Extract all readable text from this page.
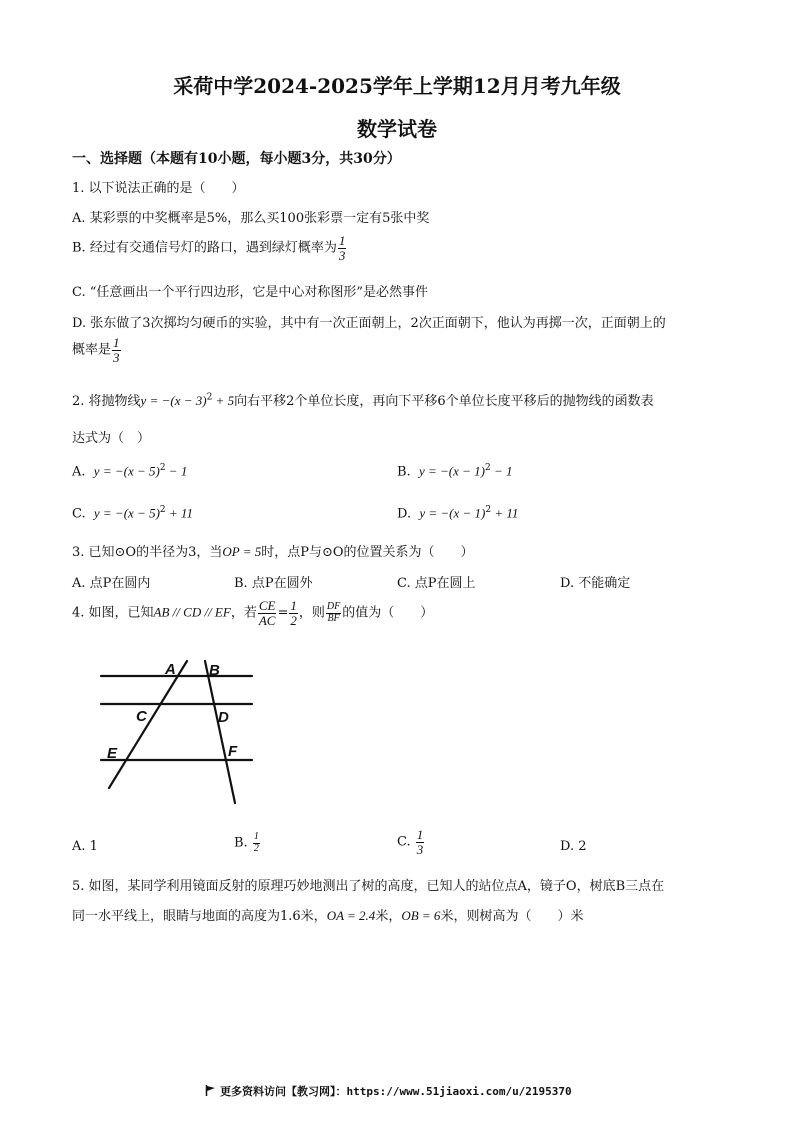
采荷中学2024-2025学年上学期12月月考九年级
数学试卷
一、选择题（本题有10小题，每小题3分，共30分）
1. 以下说法正确的是（　　）
A. 某彩票的中奖概率是5%，那么买100张彩票一定有5张中奖
B. 经过有交通信号灯的路口，遇到绿灯概率为 $\frac{1}{3}$
C. “任意画出一个平行四边形，它是中心对称图形”是必然事件
D. 张东做了3次掷均匀硬币的实验，其中有一次正面朝上，2次正面朝下，他认为再掷一次，正面朝上的
概率是 $\frac{1}{3}$
2. 将抛物线$y = -(x - 3)^2 + 5$向右平移2个单位长度，再向下平移6个单位长度平移后的抛物线的函数表
达式为（　）
A. $y = -(x - 5)^2 - 1$	B. $y = -(x - 1)^2 - 1$
C. $y = -(x - 5)^2 + 11$	D. $y = -(x - 1)^2 + 11$
3. 已知⊙O的半径为3，当OP = 5时，点P与⊙O的位置关系为（　　）
A. 点P在圆内	B. 点P在圆外	C. 点P在圆上	D. 不能确定
4. 如图，已知AB // CD // EF，若 $\frac{CE}{AC} = \frac{1}{2}$ ，则 $\frac{DF}{BF}$ 的值为（　　）
A B
C	D
E	F
A. 1	B. $\frac{1}{2}$	C. $\frac{1}{3}$	D. 2
5. 如图，某同学利用镜面反射的原理巧妙地测出了树的高度，已知人的站位点A，镜子O，树底B三点在
同一水平线上，眼睛与地面的高度为1.6米，OA = 2.4米，OB = 6米，则树高为（　　）米
更多资料访问【教习网】：https://www.51jiaoxi.com/u/2195370
